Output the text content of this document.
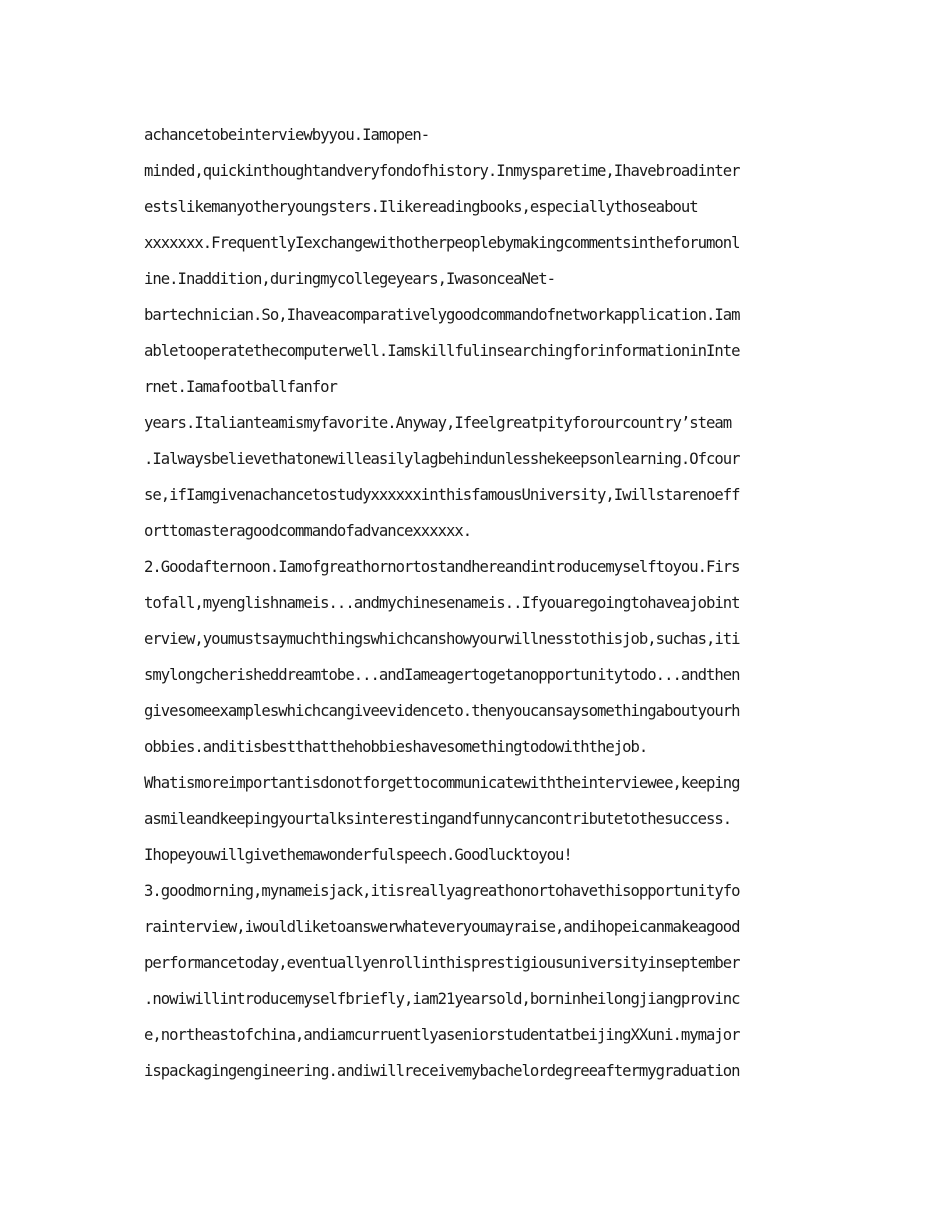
achancetobeinterviewbyyou.Iamopen-
minded,quickinthoughtandveryfondofhistory.Inmysparetime,Ihavebroadinter
estslikemanyotheryoungsters.Ilikereadingbooks,especiallythoseabout
xxxxxxx.FrequentlyIexchangewithotherpeoplebymakingcommentsintheforumonl
ine.Inaddition,duringmycollegeyears,IwasonceaNet-
bartechnician.So,Ihaveacomparativelygoodcommandofnetworkapplication.Iam
abletooperatethecomputerwell.IamskillfulinsearchingforinformationinInte
rnet.Iamafootballfanfor
years.Italianteamismyfavorite.Anyway,Ifeelgreatpityforourcountry’steam
.Ialwaysbelievethatonewilleasilylagbehindunlesshekeepsonlearning.Ofcour
se,ifIamgivenachancetostudyxxxxxxinthisfamousUniversity,Iwillstarenoeff
orttomasteragoodcommandofadvancexxxxxx.
2.Goodafternoon.Iamofgreathornortostandhereandintroducemyselftoyou.Firs
tofall,myenglishnameis...andmychinesenameis..Ifyouaregoingtohaveajobint
erview,youmustsaymuchthingswhichcanshowyourwillnesstothisjob,suchas,iti
smylongcherisheddreamtobe...andIameagertogetanopportunitytodo...andthen
givesomeexampleswhichcangiveevidenceto.thenyoucansaysomethingaboutyourh
obbies.anditisbestthatthehobbieshavesomethingtodowiththejob.
Whatismoreimportantisdonotforgettocommunicatewiththeinterviewee,keeping
asmileandkeepingyourtalksinterestingandfunnycancontributetothesuccess.
Ihopeyouwillgivethemawonderfulspeech.Goodlucktoyou!
3.goodmorning,mynameisjack,itisreallyagreathonortohavethisopportunityfo
rainterview,iwouldliketoanswerwhateveryoumayraise,andihopeicanmakeagood
performancetoday,eventuallyenrollinthisprestigiousuniversityinseptember
.nowiwillintroducemyselfbriefly,iam21yearsold,borninheilongjiangprovinc
e,northeastofchina,andiamcurruentlyaseniorstudentatbeijingXXuni.mymajor
ispackagingengineering.andiwillreceivemybachelordegreeaftermygraduation
